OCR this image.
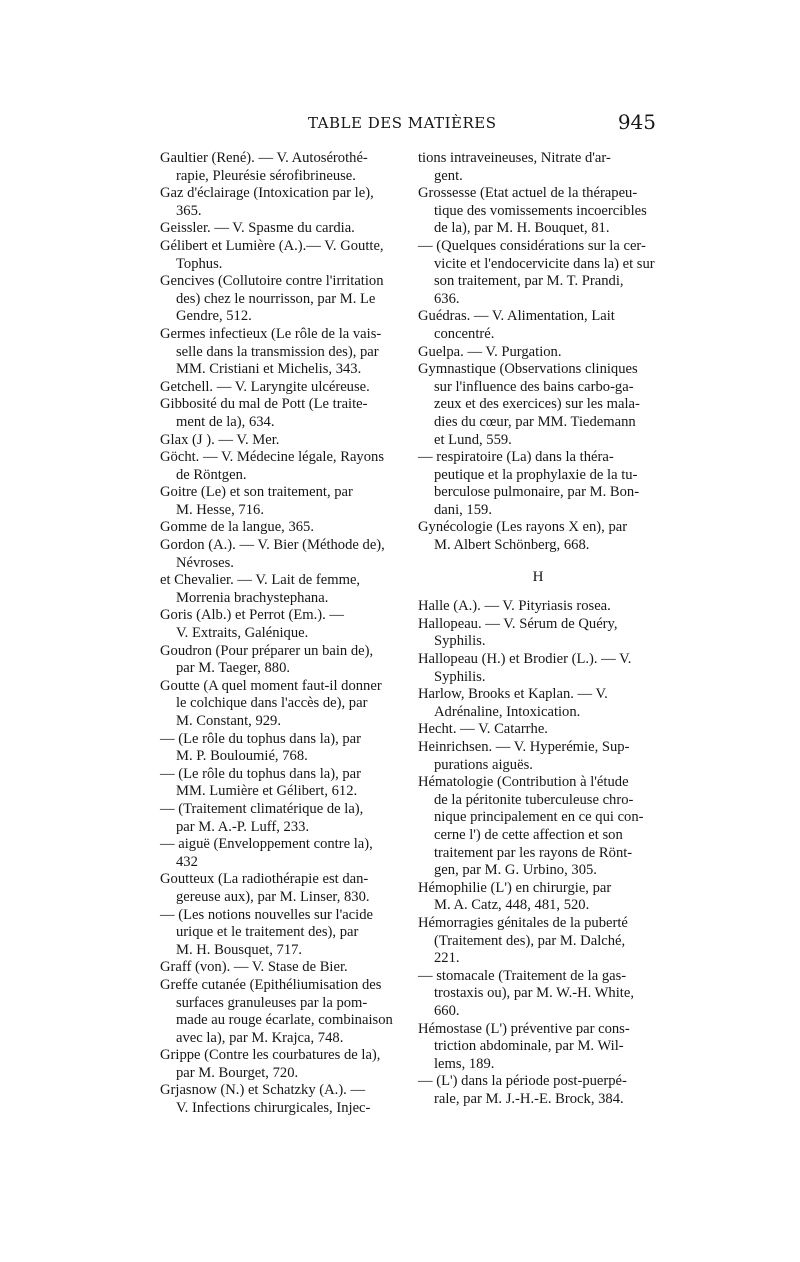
TABLE DES MATIÈRES	945

Gaultier (René). — V. Autosérothé-
rapie, Pleurésie sérofibrineuse.

Gaz d'éclairage (Intoxication par le),
365.

Geissler. — V. Spasme du cardia.

Gélibert et Lumière (A.).— V. Goutte,
Tophus.

Gencives (Collutoire contre l'irritation
des) chez le nourrisson, par M. Le
Gendre, 512.

Germes infectieux (Le rôle de la vais-
selle dans la transmission des), par
MM. Cristiani et Michelis, 343.

Getchell. — V. Laryngite ulcéreuse.

Gibbosité du mal de Pott (Le traite-
ment de la), 634.

Glax (J ). — V. Mer.

Göcht. — V. Médecine légale, Rayons
de Röntgen.

Goitre (Le) et son traitement, par
M. Hesse, 716.

Gomme de la langue, 365.

Gordon (A.). — V. Bier (Méthode de),
Névroses.

et Chevalier. — V. Lait de femme,
Morrenia brachystephana.

Goris (Alb.) et Perrot (Em.). —
V. Extraits, Galénique.

Goudron (Pour préparer un bain de),
par M. Taeger, 880.

Goutte (A quel moment faut-il donner
le colchique dans l'accès de), par
M. Constant, 929.

— (Le rôle du tophus dans la), par
M. P. Bouloumié, 768.

— (Le rôle du tophus dans la), par
MM. Lumière et Gélibert, 612.

— (Traitement climatérique de la),
par M. A.-P. Luff, 233.

— aiguë (Enveloppement contre la),
432

Goutteux (La radiothérapie est dan-
gereuse aux), par M. Linser, 830.

— (Les notions nouvelles sur l'acide
urique et le traitement des), par
M. H. Bousquet, 717.

Graff (von). — V. Stase de Bier.

Greffe cutanée (Epithéliumisation des
surfaces granuleuses par la pom-
made au rouge écarlate, combinaison
avec la), par M. Krajca, 748.

Grippe (Contre les courbatures de la),
par M. Bourget, 720.

Grjasnow (N.) et Schatzky (A.). —
V. Infections chirurgicales, Injec-

tions intraveineuses, Nitrate d'ar-
gent.

Grossesse (Etat actuel de la thérapeu-
tique des vomissements incoercibles
de la), par M. H. Bouquet, 81.

— (Quelques considérations sur la cer-
vicite et l'endocervicite dans la) et sur
son traitement, par M. T. Prandi,
636.

Guédras. — V. Alimentation, Lait
concentré.

Guelpa. — V. Purgation.

Gymnastique (Observations cliniques
sur l'influence des bains carbo-ga-
zeux et des exercices) sur les mala-
dies du cœur, par MM. Tiedemann
et Lund, 559.

— respiratoire (La) dans la théra-
peutique et la prophylaxie de la tu-
berculose pulmonaire, par M. Bon-
dani, 159.

Gynécologie (Les rayons X en), par
M. Albert Schönberg, 668.

H

Halle (A.). — V. Pityriasis rosea.

Hallopeau. — V. Sérum de Quéry,
Syphilis.

Hallopeau (H.) et Brodier (L.). — V.
Syphilis.

Harlow, Brooks et Kaplan. — V.
Adrénaline, Intoxication.

Hecht. — V. Catarrhe.

Heinrichsen. — V. Hyperémie, Sup-
purations aiguës.

Hématologie (Contribution à l'étude
de la péritonite tuberculeuse chro-
nique principalement en ce qui con-
cerne l') de cette affection et son
traitement par les rayons de Rönt-
gen, par M. G. Urbino, 305.

Hémophilie (L') en chirurgie, par
M. A. Catz, 448, 481, 520.

Hémorragies génitales de la puberté
(Traitement des), par M. Dalché,
221.

— stomacale (Traitement de la gas-
trostaxis ou), par M. W.-H. White,
660.

Hémostase (L') préventive par cons-
triction abdominale, par M. Wil-
lems, 189.

— (L') dans la période post-puerpé-
rale, par M. J.-H.-E. Brock, 384.
